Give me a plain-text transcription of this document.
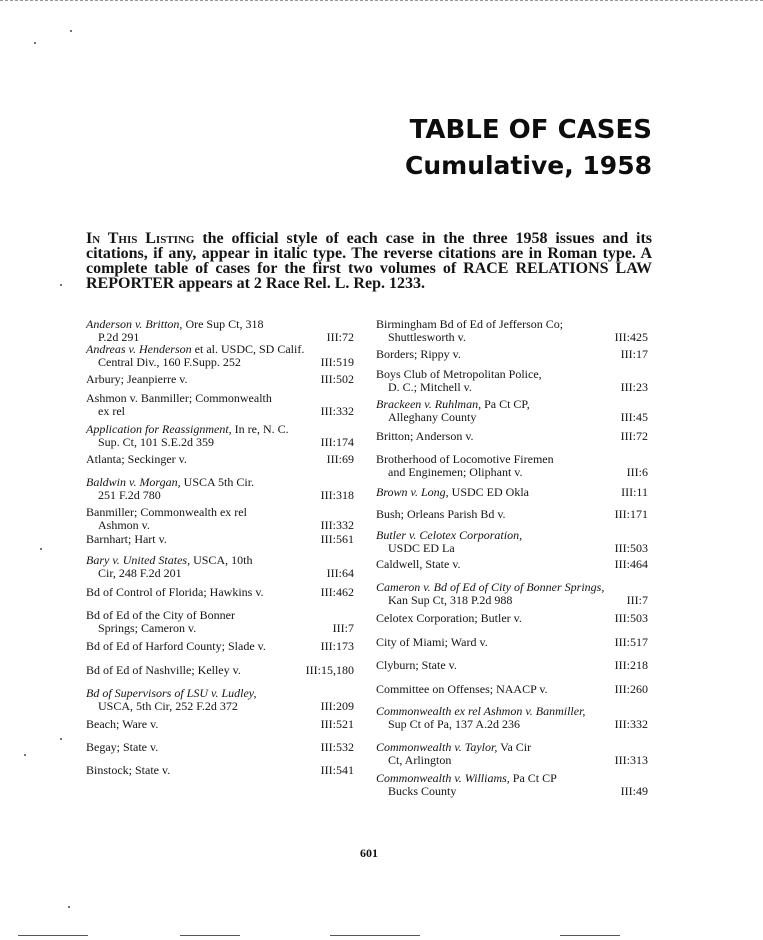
TABLE OF CASES
Cumulative, 1958
In This Listing the official style of each case in the three 1958 issues and its citations, if any, appear in italic type. The reverse citations are in Roman type. A complete table of cases for the first two volumes of RACE RELATIONS LAW REPORTER appears at 2 Race Rel. L. Rep. 1233.
Anderson v. Britton, Ore Sup Ct, 318
P.2d 291	III:72
Andreas v. Henderson et al. USDC, SD Calif.
Central Div., 160 F.Supp. 252	III:519
Arbury; Jeanpierre v.	III:502
Ashmon v. Banmiller; Commonwealth
ex rel	III:332
Application for Reassignment, In re, N. C.
Sup. Ct, 101 S.E.2d 359	III:174
Atlanta; Seckinger v.	III:69
Baldwin v. Morgan, USCA 5th Cir.
251 F.2d 780	III:318
Banmiller; Commonwealth ex rel
Ashmon v.	III:332
Barnhart; Hart v.	III:561
Bary v. United States, USCA, 10th
Cir, 248 F.2d 201	III:64
Bd of Control of Florida; Hawkins v.	III:462
Bd of Ed of the City of Bonner
Springs; Cameron v.	III:7
Bd of Ed of Harford County; Slade v.	III:173
Bd of Ed of Nashville; Kelley v.	III:15,180
Bd of Supervisors of LSU v. Ludley,
USCA, 5th Cir, 252 F.2d 372	III:209
Beach; Ware v.	III:521
Begay; State v.	III:532
Binstock; State v.	III:541
Birmingham Bd of Ed of Jefferson Co;
Shuttlesworth v.	III:425
Borders; Rippy v.	III:17
Boys Club of Metropolitan Police,
D. C.; Mitchell v.	III:23
Brackeen v. Ruhlman, Pa Ct CP,
Alleghany County	III:45
Britton; Anderson v.	III:72
Brotherhood of Locomotive Firemen
and Enginemen; Oliphant v.	III:6
Brown v. Long, USDC ED Okla	III:11
Bush; Orleans Parish Bd v.	III:171
Butler v. Celotex Corporation,
USDC ED La	III:503
Caldwell, State v.	III:464
Cameron v. Bd of Ed of City of Bonner Springs,
Kan Sup Ct, 318 P.2d 988	III:7
Celotex Corporation; Butler v.	III:503
City of Miami; Ward v.	III:517
Clyburn; State v.	III:218
Committee on Offenses; NAACP v.	III:260
Commonwealth ex rel Ashmon v. Banmiller,
Sup Ct of Pa, 137 A.2d 236	III:332
Commonwealth v. Taylor, Va Cir
Ct, Arlington	III:313
Commonwealth v. Williams, Pa Ct CP
Bucks County	III:49
601
